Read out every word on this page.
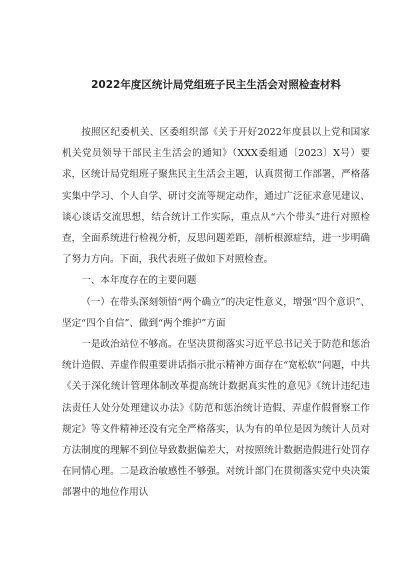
2022年度区统计局党组班子民主生活会对照检查材料

按照区纪委机关、区委组织部《关于开好2022年度县以上党和国家机关党员领导干部民主生活会的通知》（XXX委组通〔2023〕X号）要求，区统计局党组班子聚焦民主生活会主题，认真贯彻工作部署，严格落实集中学习、个人自学、研讨交流等规定动作，通过广泛征求意见建议、谈心谈话交流思想，结合统计工作实际，重点从“六个带头”进行对照检查，全面系统进行检视分析，反思问题差距，剖析根源症结，进一步明确了努力方向。下面，我代表班子做如下对照检查。

一、本年度存在的主要问题

（一）在带头深刻领悟“两个确立”的决定性意义，增强“四个意识”、坚定“四个自信”、做到“两个维护”方面

一是政治站位不够高。在坚决贯彻落实习近平总书记关于防范和惩治统计造假、弄虚作假重要讲话指示批示精神方面存在“宽松软”问题，中共《关于深化统计管理体制改革提高统计数据真实性的意见》《统计违纪违法责任人处分处理建议办法》《防范和惩治统计造假、弄虚作假督察工作规定》等文件精神还没有完全严格落实，认为有的单位是因为统计人员对方法制度的理解不到位导致数据偏差大，对按照统计数据造假进行处罚存在同情心理。二是政治敏感性不够强。对统计部门在贯彻落实党中央决策部署中的地位作用认
